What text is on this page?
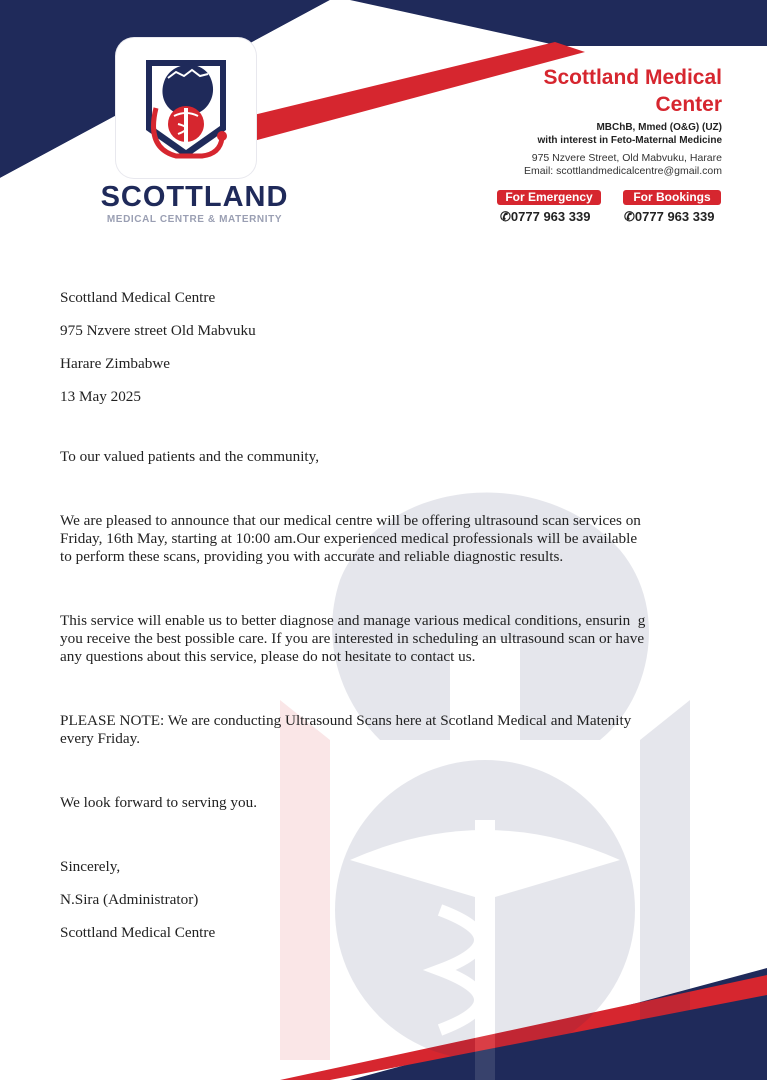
SCOTTLAND
MEDICAL CENTRE & MATERNITY
Scottland Medical
Center
MBChB, Mmed (O&G) (UZ)
with interest in Feto-Maternal Medicine
975 Nzvere Street, Old Mabvuku, Harare
Email: scottlandmedicalcentre@gmail.com
For Emergency
✆0777 963 339
For Bookings
✆0777 963 339

Scottland Medical Centre

975 Nzvere street Old Mabvuku

Harare Zimbabwe

13 May 2025

To our valued patients and the community,

We are pleased to announce that our medical centre will be offering ultrasound scan services on

Friday, 16th May, starting at 10:00 am.Our experienced medical professionals will be available

to perform these scans, providing you with accurate and reliable diagnostic results.

This service will enable us to better diagnose and manage various medical conditions, ensurin  g

you receive the best possible care. If you are interested in scheduling an ultrasound scan or have

any questions about this service, please do not hesitate to contact us.

PLEASE NOTE: We are conducting Ultrasound Scans here at Scotland Medical and Matenity

every Friday.

We look forward to serving you.

Sincerely,

N.Sira (Administrator)

Scottland Medical Centre
